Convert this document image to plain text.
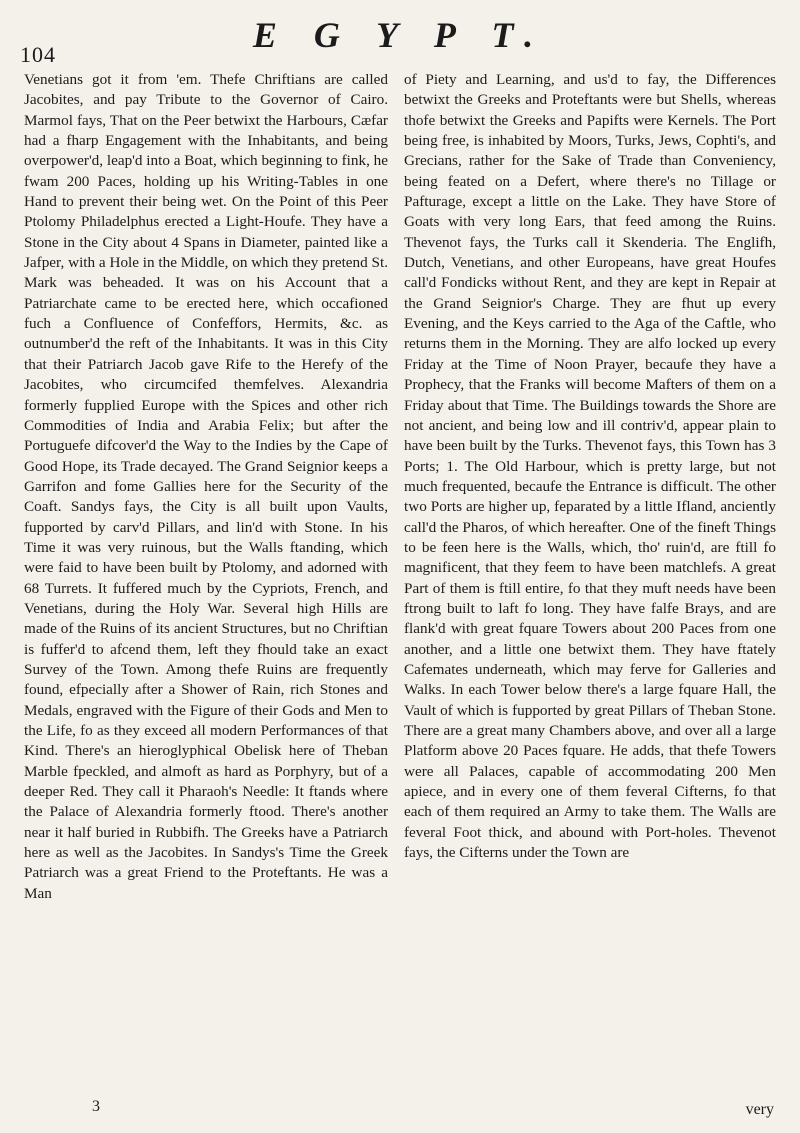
104	E G Y P T.

Venetians got it from 'em. Thefe Chriftians are called Jacobites, and pay Tribute to the Governor of Cairo. Marmol fays, That on the Peer betwixt the Harbours, Cæfar had a fharp Engagement with the Inhabitants, and being overpower'd, leap'd into a Boat, which beginning to fink, he fwam 200 Paces, holding up his Writing-Tables in one Hand to prevent their being wet. On the Point of this Peer Ptolomy Philadelphus erected a Light-Houfe. They have a Stone in the City about 4 Spans in Diameter, painted like a Jafper, with a Hole in the Middle, on which they pretend St. Mark was beheaded. It was on his Account that a Patriarchate came to be erected here, which occafioned fuch a Confluence of Confeffors, Hermits, &c. as outnumber'd the reft of the Inhabitants. It was in this City that their Patriarch Jacob gave Rife to the Herefy of the Jacobites, who circumcifed themfelves. Alexandria formerly fupplied Europe with the Spices and other rich Commodities of India and Arabia Felix; but after the Portuguefe difcover'd the Way to the Indies by the Cape of Good Hope, its Trade decayed. The Grand Seignior keeps a Garrifon and fome Gallies here for the Security of the Coaft. Sandys fays, the City is all built upon Vaults, fupported by carv'd Pillars, and lin'd with Stone. In his Time it was very ruinous, but the Walls ftanding, which were faid to have been built by Ptolomy, and adorned with 68 Turrets. It fuffered much by the Cypriots, French, and Venetians, during the Holy War. Several high Hills are made of the Ruins of its ancient Structures, but no Chriftian is fuffer'd to afcend them, left they fhould take an exact Survey of the Town. Among thefe Ruins are frequently found, efpecially after a Shower of Rain, rich Stones and Medals, engraved with the Figure of their Gods and Men to the Life, fo as they exceed all modern Performances of that Kind. There's an hieroglyphical Obelisk here of Theban Marble fpeckled, and almoft as hard as Porphyry, but of a deeper Red. They call it Pharaoh's Needle: It ftands where the Palace of Alexandria formerly ftood. There's another near it half buried in Rubbifh. The Greeks have a Patriarch here as well as the Jacobites. In Sandys's Time the Greek Patriarch was a great Friend to the Proteftants. He was a Man

of Piety and Learning, and us'd to fay, the Differences betwixt the Greeks and Proteftants were but Shells, whereas thofe betwixt the Greeks and Papifts were Kernels. The Port being free, is inhabited by Moors, Turks, Jews, Cophti's, and Grecians, rather for the Sake of Trade than Conveniency, being feated on a Defert, where there's no Tillage or Pafturage, except a little on the Lake. They have Store of Goats with very long Ears, that feed among the Ruins. Thevenot fays, the Turks call it Skenderia. The Englifh, Dutch, Venetians, and other Europeans, have great Houfes call'd Fondicks without Rent, and they are kept in Repair at the Grand Seignior's Charge. They are fhut up every Evening, and the Keys carried to the Aga of the Caftle, who returns them in the Morning. They are alfo locked up every Friday at the Time of Noon Prayer, becaufe they have a Prophecy, that the Franks will become Mafters of them on a Friday about that Time. The Buildings towards the Shore are not ancient, and being low and ill contriv'd, appear plain to have been built by the Turks. Thevenot fays, this Town has 3 Ports; 1. The Old Harbour, which is pretty large, but not much frequented, becaufe the Entrance is difficult. The other two Ports are higher up, feparated by a little Ifland, anciently call'd the Pharos, of which hereafter. One of the fineft Things to be feen here is the Walls, which, tho' ruin'd, are ftill fo magnificent, that they feem to have been matchlefs. A great Part of them is ftill entire, fo that they muft needs have been ftrong built to laft fo long. They have falfe Brays, and are flank'd with great fquare Towers about 200 Paces from one another, and a little one betwixt them. They have ftately Cafemates underneath, which may ferve for Galleries and Walks. In each Tower below there's a large fquare Hall, the Vault of which is fupported by great Pillars of Theban Stone. There are a great many Chambers above, and over all a large Platform above 20 Paces fquare. He adds, that thefe Towers were all Palaces, capable of accommodating 200 Men apiece, and in every one of them feveral Cifterns, fo that each of them required an Army to take them. The Walls are feveral Foot thick, and abound with Port-holes. Thevenot fays, the Cifterns under the Town are

3	very
